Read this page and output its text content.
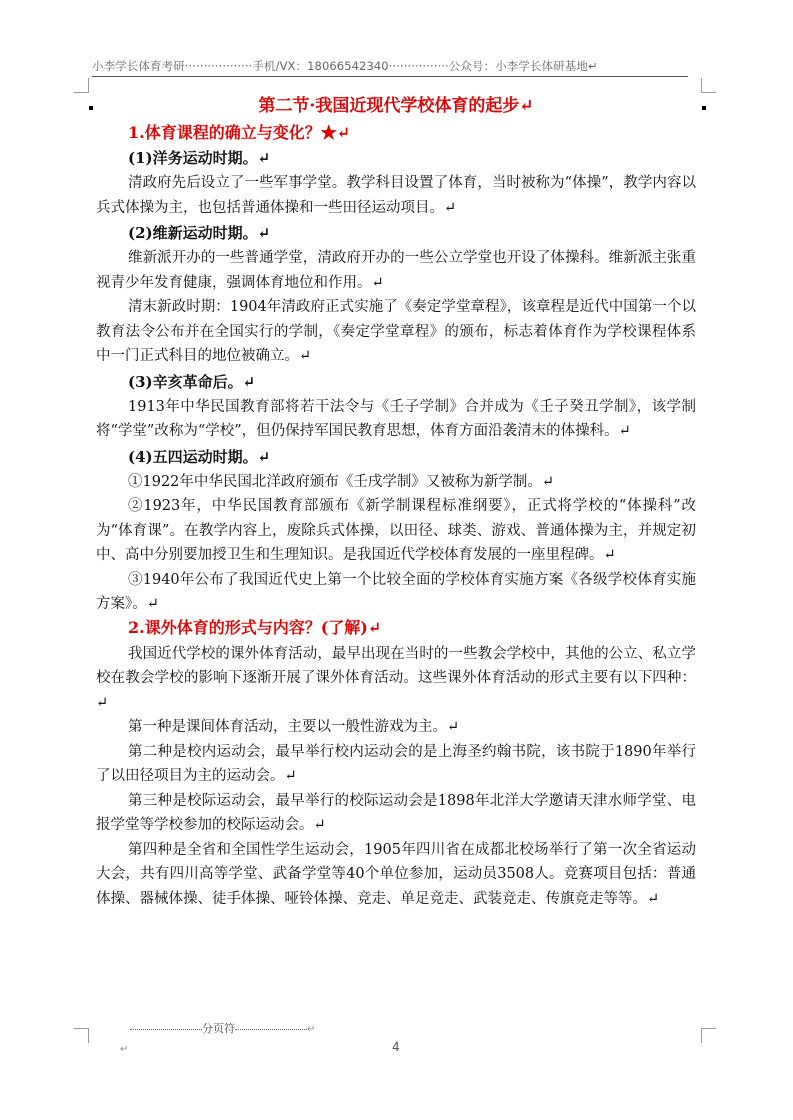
小李学长体育考研··················手机/VX：18066542340················公众号：小李学长体研基地↵
第二节·我国近现代学校体育的起步↵
1.体育课程的确立与变化？★↵
(1)洋务运动时期。↵
清政府先后设立了一些军事学堂。教学科目设置了体育，当时被称为“体操”，教学内容以兵式体操为主，也包括普通体操和一些田径运动项目。↵
(2)维新运动时期。↵
维新派开办的一些普通学堂，清政府开办的一些公立学堂也开设了体操科。维新派主张重视青少年发育健康，强调体育地位和作用。↵
清末新政时期：1904年清政府正式实施了《奏定学堂章程》，该章程是近代中国第一个以教育法令公布并在全国实行的学制，《奏定学堂章程》的颁布，标志着体育作为学校课程体系中一门正式科目的地位被确立。↵
(3)辛亥革命后。↵
1913年中华民国教育部将若干法令与《壬子学制》合并成为《壬子癸丑学制》，该学制将“学堂”改称为“学校”，但仍保持军国民教育思想，体育方面沿袭清末的体操科。↵
(4)五四运动时期。↵
①1922年中华民国北洋政府颁布《壬戌学制》又被称为新学制。↵
②1923年，中华民国教育部颁布《新学制课程标准纲要》，正式将学校的“体操科”改为“体育课”。在教学内容上，废除兵式体操，以田径、球类、游戏、普通体操为主，并规定初中、高中分别要加授卫生和生理知识。是我国近代学校体育发展的一座里程碑。↵
③1940年公布了我国近代史上第一个比较全面的学校体育实施方案《各级学校体育实施方案》。↵
2.课外体育的形式与内容？(了解)↵
我国近代学校的课外体育活动，最早出现在当时的一些教会学校中，其他的公立、私立学校在教会学校的影响下逐渐开展了课外体育活动。这些课外体育活动的形式主要有以下四种：↵
第一种是课间体育活动，主要以一般性游戏为主。↵
第二种是校内运动会，最早举行校内运动会的是上海圣约翰书院，该书院于1890年举行了以田径项目为主的运动会。↵
第三种是校际运动会，最早举行的校际运动会是1898年北洋大学邀请天津水师学堂、电报学堂等学校参加的校际运动会。↵
第四种是全省和全国性学生运动会，1905年四川省在成都北校场举行了第一次全省运动大会，共有四川高等学堂、武备学堂等40个单位参加，运动员3508人。竞赛项目包括：普通体操、器械体操、徒手体操、哑铃体操、竞走、单足竞走、武装竞走、传旗竞走等等。↵
分页符	↵
4
↵
